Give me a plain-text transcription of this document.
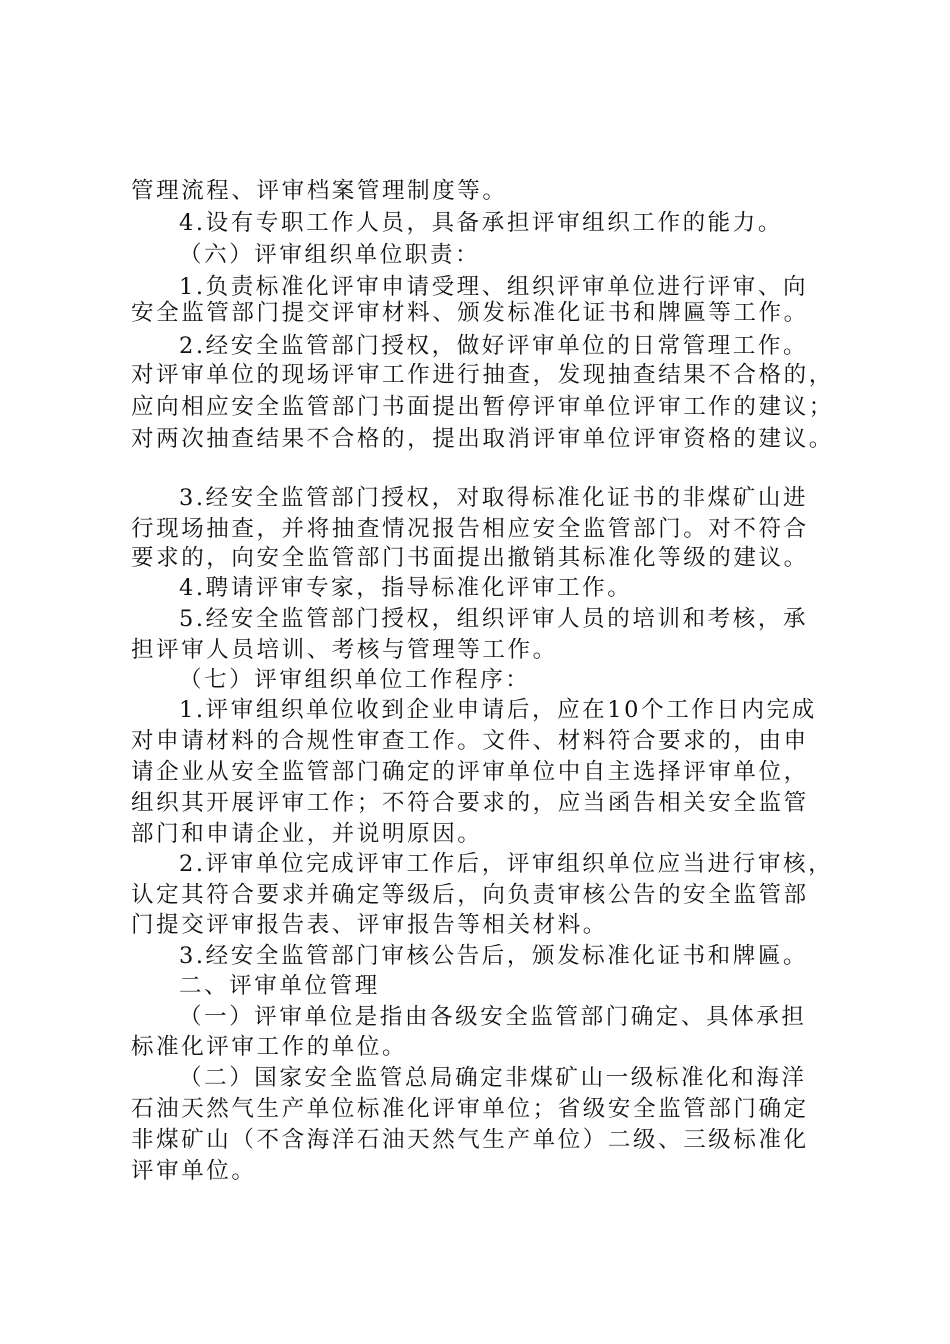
管理流程、评审档案管理制度等。
4.设有专职工作人员，具备承担评审组织工作的能力。
（六）评审组织单位职责：
1.负责标准化评审申请受理、组织评审单位进行评审、向
安全监管部门提交评审材料、颁发标准化证书和牌匾等工作。
2.经安全监管部门授权，做好评审单位的日常管理工作。
对评审单位的现场评审工作进行抽查，发现抽查结果不合格的，
应向相应安全监管部门书面提出暂停评审单位评审工作的建议；
对两次抽查结果不合格的，提出取消评审单位评审资格的建议。
3.经安全监管部门授权，对取得标准化证书的非煤矿山进
行现场抽查，并将抽查情况报告相应安全监管部门。对不符合
要求的，向安全监管部门书面提出撤销其标准化等级的建议。
4.聘请评审专家，指导标准化评审工作。
5.经安全监管部门授权，组织评审人员的培训和考核，承
担评审人员培训、考核与管理等工作。
（七）评审组织单位工作程序：
1.评审组织单位收到企业申请后，应在10个工作日内完成
对申请材料的合规性审查工作。文件、材料符合要求的，由申
请企业从安全监管部门确定的评审单位中自主选择评审单位，
组织其开展评审工作；不符合要求的，应当函告相关安全监管
部门和申请企业，并说明原因。
2.评审单位完成评审工作后，评审组织单位应当进行审核，
认定其符合要求并确定等级后，向负责审核公告的安全监管部
门提交评审报告表、评审报告等相关材料。
3.经安全监管部门审核公告后，颁发标准化证书和牌匾。
二、评审单位管理
（一）评审单位是指由各级安全监管部门确定、具体承担
标准化评审工作的单位。
（二）国家安全监管总局确定非煤矿山一级标准化和海洋
石油天然气生产单位标准化评审单位；省级安全监管部门确定
非煤矿山（不含海洋石油天然气生产单位）二级、三级标准化
评审单位。
